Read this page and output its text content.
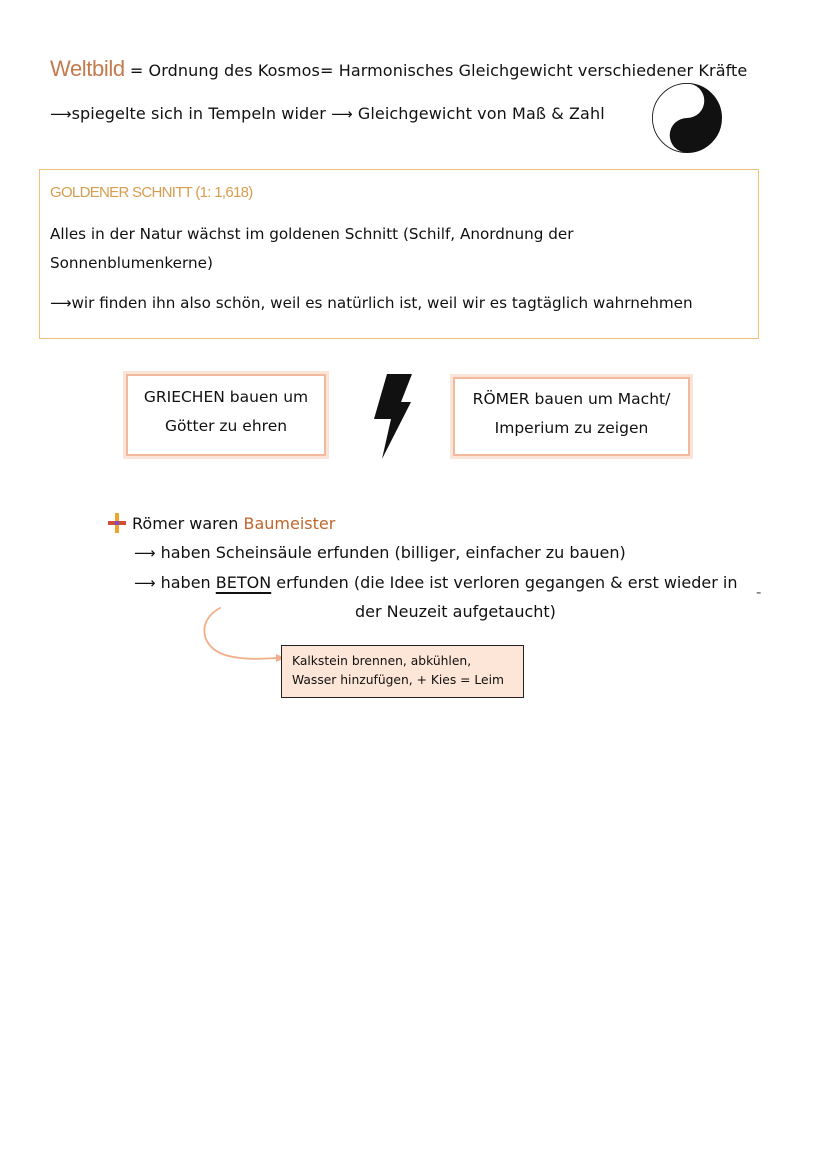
Weltbild = Ordnung des Kosmos= Harmonisches Gleichgewicht verschiedener Kräfte
⟶spiegelte sich in Tempeln wider ⟶ Gleichgewicht von Maß & Zahl
GOLDENER SCHNITT (1: 1,618)
Alles in der Natur wächst im goldenen Schnitt (Schilf, Anordnung der
Sonnenblumenkerne)
⟶wir finden ihn also schön, weil es natürlich ist, weil wir es tagtäglich wahrnehmen
GRIECHEN bauen um
Götter zu ehren
RÖMER bauen um Macht/
Imperium zu zeigen
Römer waren Baumeister
⟶ haben Scheinsäule erfunden (billiger, einfacher zu bauen)
⟶ haben BETON erfunden (die Idee ist verloren gegangen & erst wieder in
der Neuzeit aufgetaucht)
-
Kalkstein brennen, abkühlen,
Wasser hinzufügen, + Kies = Leim
